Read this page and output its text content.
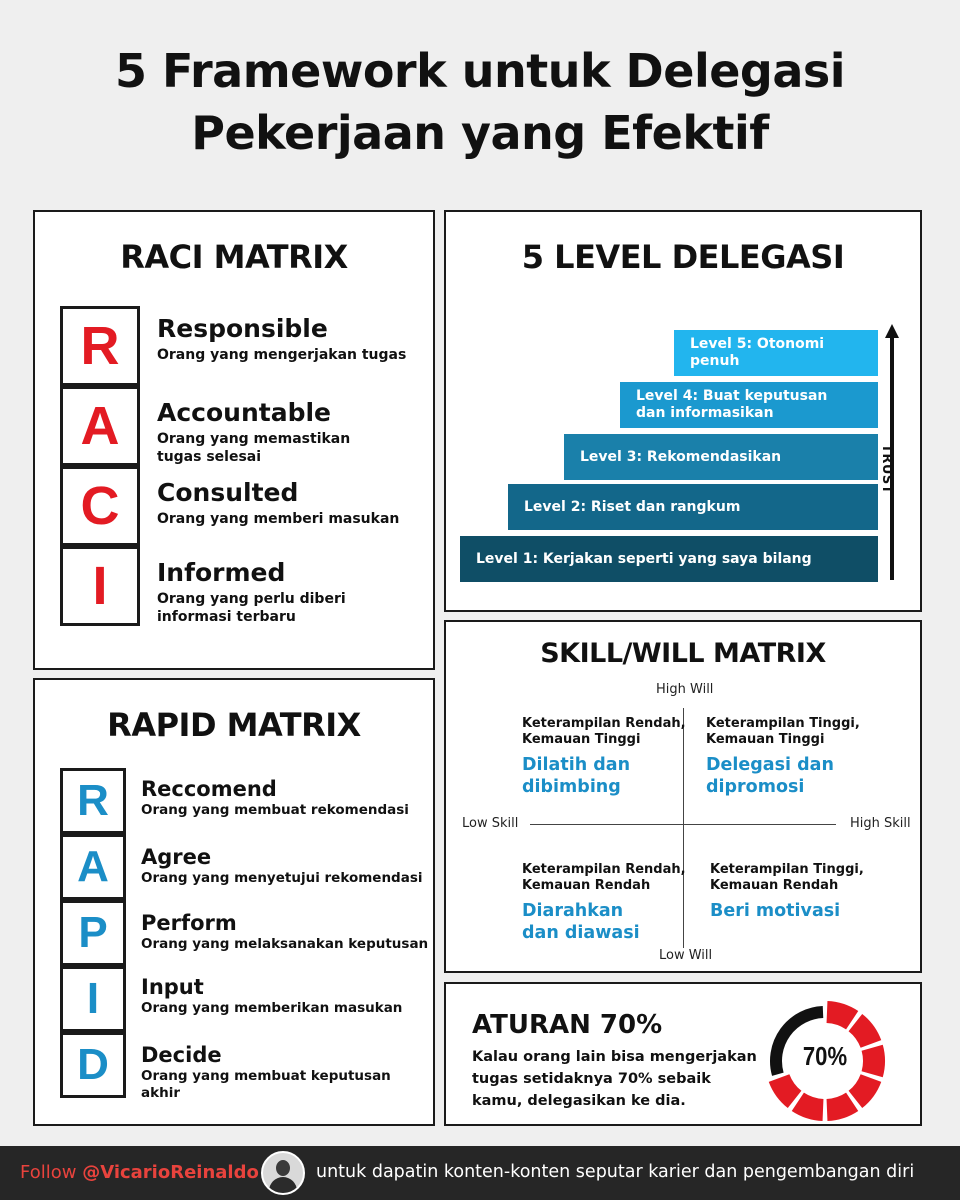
5 Framework untuk Delegasi
Pekerjaan yang Efektif
RACI MATRIX
R
A
C
I
Responsible
Orang yang mengerjakan tugas
Accountable
Orang yang memastikan tugas selesai
Consulted
Orang yang memberi masukan
Informed
Orang yang perlu diberi informasi terbaru
RAPID MATRIX
R
A
P
I
D
Reccomend
Orang yang membuat rekomendasi
Agree
Orang yang menyetujui rekomendasi
Perform
Orang yang melaksanakan keputusan
Input
Orang yang memberikan masukan
Decide
Orang yang membuat keputusan akhir
5 LEVEL DELEGASI
Level 5: Otonomi penuh
Level 4: Buat keputusan dan informasikan
Level 3: Rekomendasikan
Level 2: Riset dan rangkum
Level 1: Kerjakan seperti yang saya bilang
TRUST
SKILL/WILL MATRIX
High Will
Low Will
Low Skill	High Skill
Keterampilan Rendah, Kemauan Tinggi
Dilatih dan dibimbing
Keterampilan Tinggi, Kemauan Tinggi
Delegasi dan dipromosi
Keterampilan Rendah, Kemauan Rendah
Diarahkan dan diawasi
Keterampilan Tinggi, Kemauan Rendah
Beri motivasi
ATURAN 70%
Kalau orang lain bisa mengerjakan tugas setidaknya 70% sebaik kamu, delegasikan ke dia.
70%
Follow @VicarioReinaldo	untuk dapatin konten-konten seputar karier dan pengembangan diri
